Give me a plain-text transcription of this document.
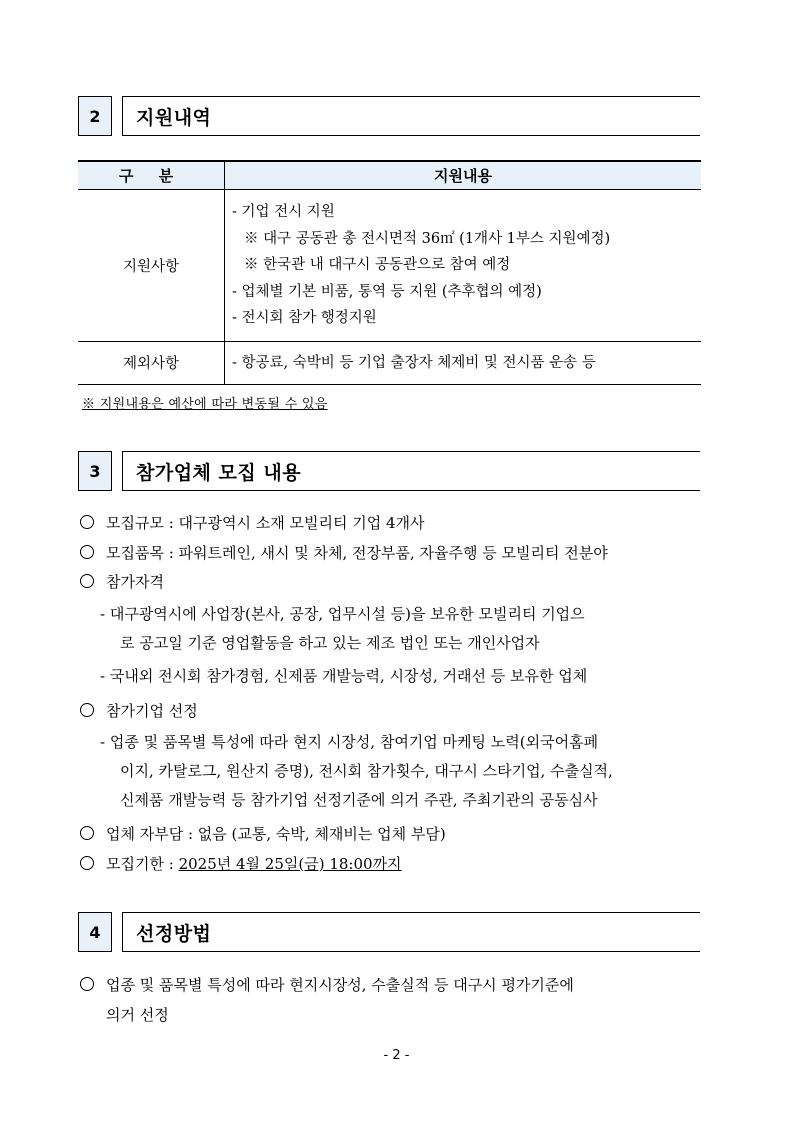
2	지원내역
구 분	지원내용
지원사항	- 기업 전시 지원
※ 대구 공동관 총 전시면적 36㎡ (1개사 1부스 지원예정)
※ 한국관 내 대구시 공동관으로 참여 예정
- 업체별 기본 비품, 통역 등 지원 (추후협의 예정)
- 전시회 참가 행정지원

제외사항	- 항공료, 숙박비 등 기업 출장자 체제비 및 전시품 운송 등
※ 지원내용은 예산에 따라 변동될 수 있음
3	참가업체 모집 내용
모집규모 : 대구광역시 소재 모빌리티 기업 4개사
모집품목 : 파워트레인, 새시 및 차체, 전장부품, 자율주행 등 모빌리티 전분야
참가자격
- 대구광역시에 사업장(본사, 공장, 업무시설 등)을 보유한 모빌리티 기업으
로 공고일 기준 영업활동을 하고 있는 제조 법인 또는 개인사업자
- 국내외 전시회 참가경험, 신제품 개발능력, 시장성, 거래선 등 보유한 업체
참가기업 선정
- 업종 및 품목별 특성에 따라 현지 시장성, 참여기업 마케팅 노력(외국어홈페
이지, 카탈로그, 원산지 증명), 전시회 참가횟수, 대구시 스타기업, 수출실적,
신제품 개발능력 등 참가기업 선정기준에 의거 주관, 주최기관의 공동심사
업체 자부담 : 없음 (교통, 숙박, 체재비는 업체 부담)
모집기한 : 2025년 4월 25일(금) 18:00까지
4	선정방법
업종 및 품목별 특성에 따라 현지시장성, 수출실적 등 대구시 평가기준에
의거 선정
- 2 -
